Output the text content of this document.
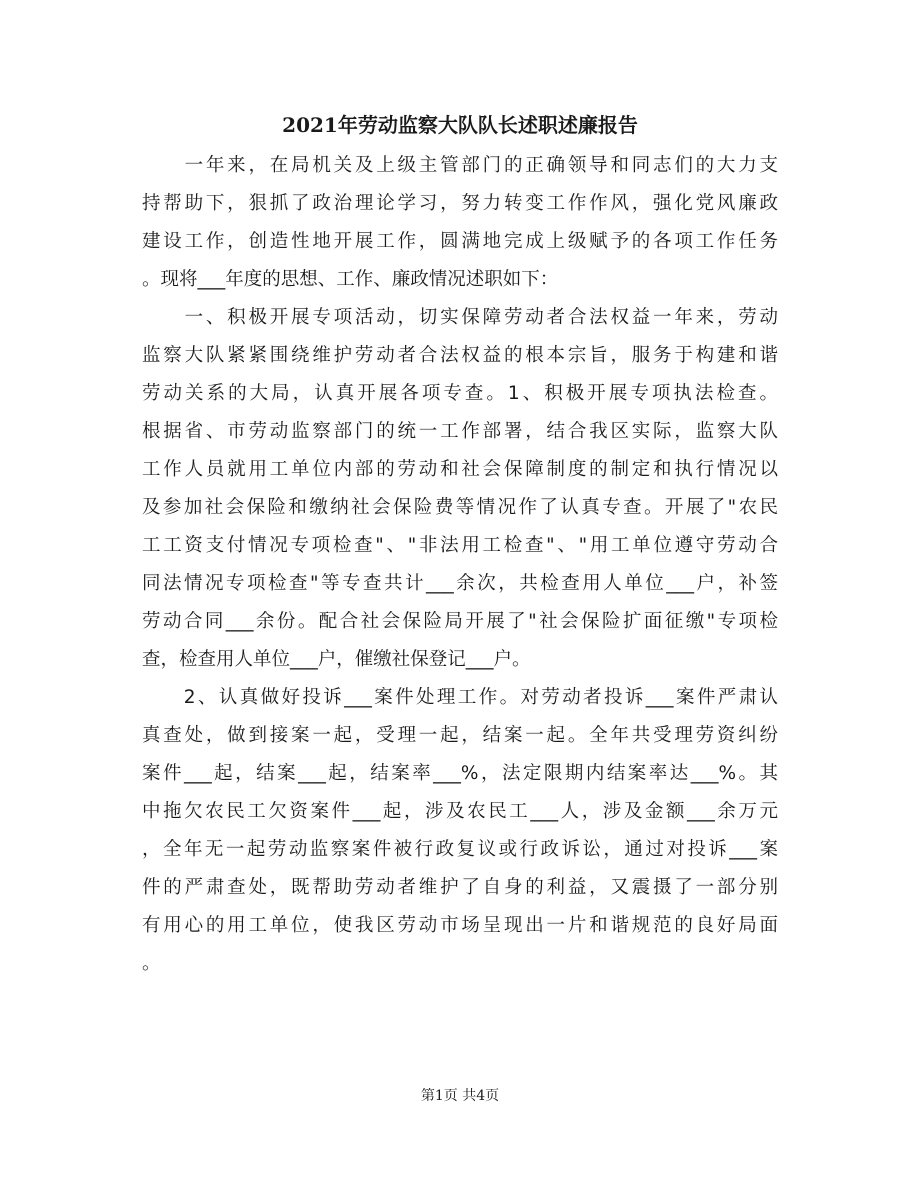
2021年劳动监察大队队长述职述廉报告
　　一年来，在局机关及上级主管部门的正确领导和同志们的大力支
持帮助下，狠抓了政治理论学习，努力转变工作作风，强化党风廉政
建设工作，创造性地开展工作，圆满地完成上级赋予的各项工作任务
。现将___年度的思想、工作、廉政情况述职如下：
　　一、积极开展专项活动，切实保障劳动者合法权益一年来，劳动
监察大队紧紧围绕维护劳动者合法权益的根本宗旨，服务于构建和谐
劳动关系的大局，认真开展各项专查。1、积极开展专项执法检查。
根据省、市劳动监察部门的统一工作部署，结合我区实际，监察大队
工作人员就用工单位内部的劳动和社会保障制度的制定和执行情况以
及参加社会保险和缴纳社会保险费等情况作了认真专查。开展了"农民
工工资支付情况专项检查"、"非法用工检查"、"用工单位遵守劳动合
同法情况专项检查"等专查共计___余次，共检查用人单位___户，补签
劳动合同___余份。配合社会保险局开展了"社会保险扩面征缴"专项检
查，检查用人单位___户，催缴社保登记___户。
　　2、认真做好投诉___案件处理工作。对劳动者投诉___案件严肃认
真查处，做到接案一起，受理一起，结案一起。全年共受理劳资纠纷
案件___起，结案___起，结案率___%，法定限期内结案率达___%。其
中拖欠农民工欠资案件___起，涉及农民工___人，涉及金额___余万元
，全年无一起劳动监察案件被行政复议或行政诉讼，通过对投诉___案
件的严肃查处，既帮助劳动者维护了自身的利益，又震摄了一部分别
有用心的用工单位，使我区劳动市场呈现出一片和谐规范的良好局面
。
第1页 共4页
